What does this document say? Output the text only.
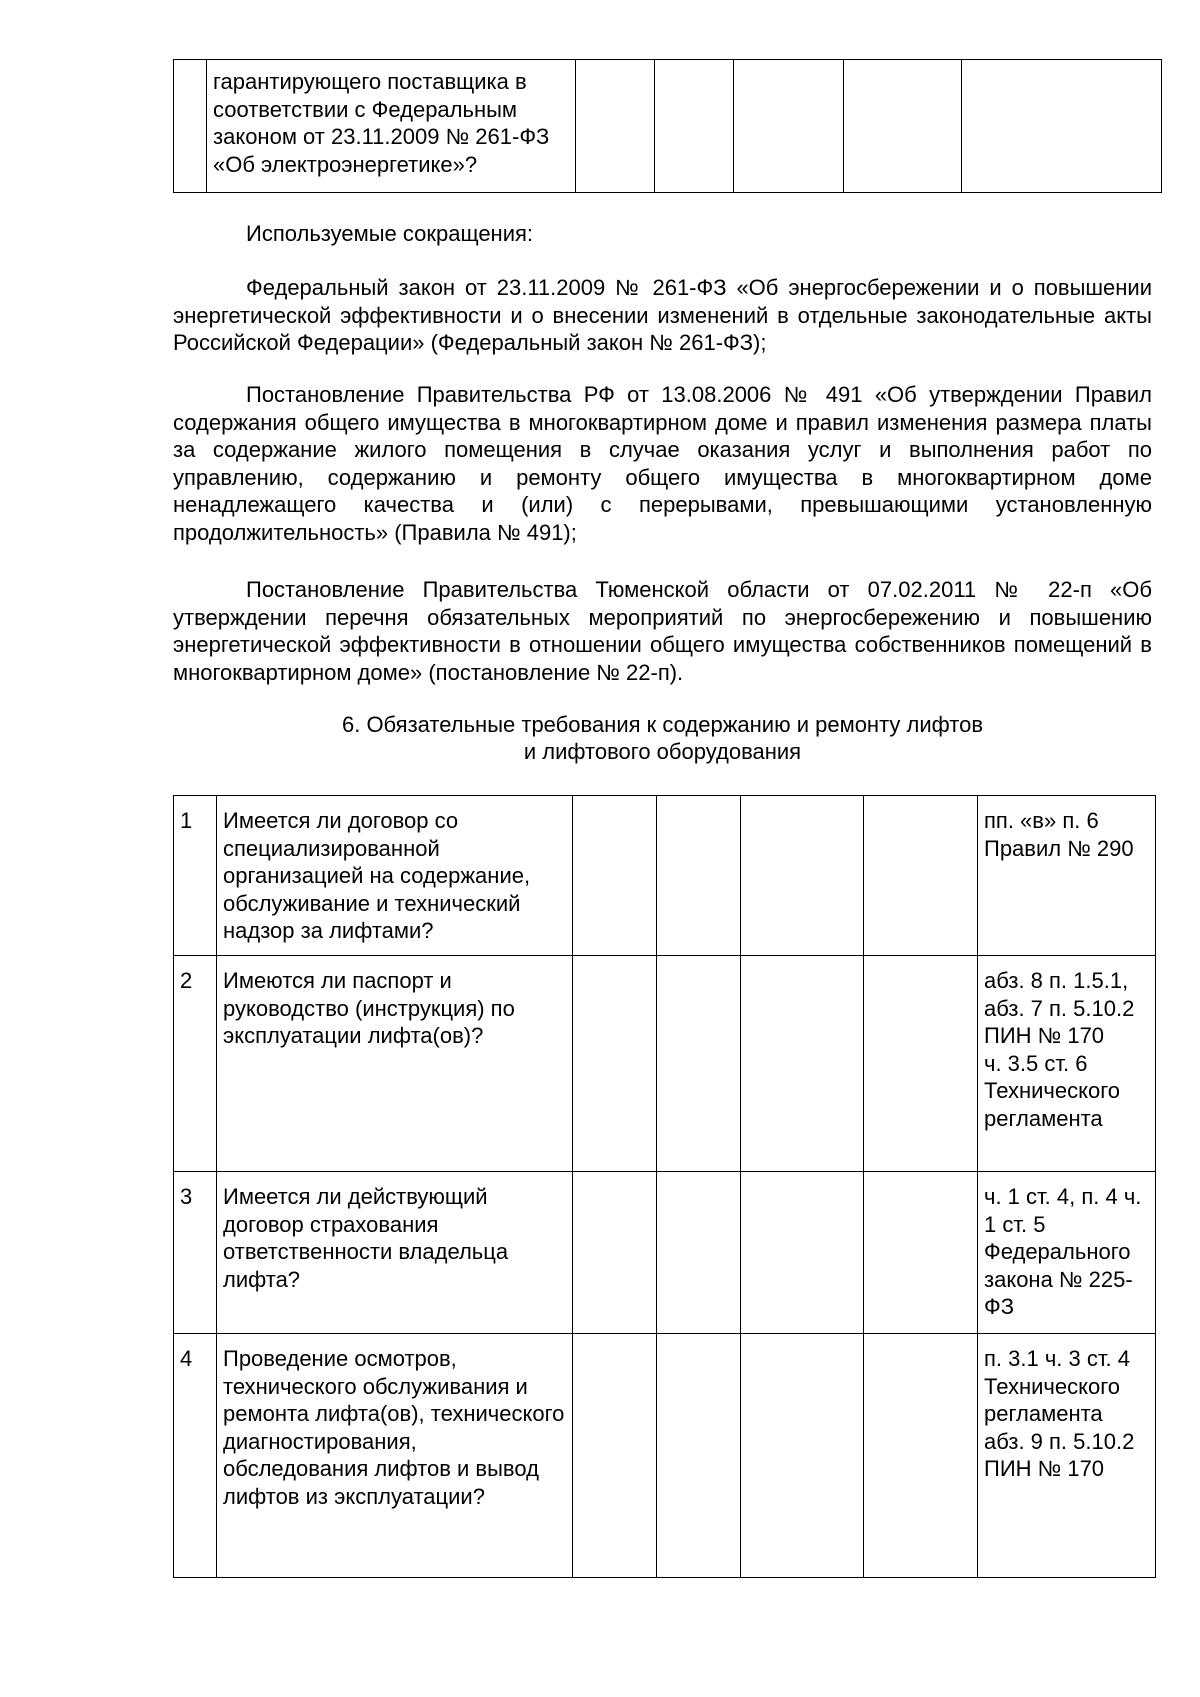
	гарантирующего поставщика в соответствии с Федеральным законом от 23.11.2009 № 261-ФЗ «Об электроэнергетике»?					

Используемые сокращения:

Федеральный закон от 23.11.2009 № 261-ФЗ «Об энергосбережении и о повышении энергетической эффективности и о внесении изменений в отдельные законодательные акты Российской Федерации» (Федеральный закон № 261-ФЗ);

Постановление Правительства РФ от 13.08.2006 № 491 «Об утверждении Правил содержания общего имущества в многоквартирном доме и правил изменения размера платы за содержание жилого помещения в случае оказания услуг и выполнения работ по управлению, содержанию и ремонту общего имущества в многоквартирном доме ненадлежащего качества и (или) с перерывами, превышающими установленную продолжительность» (Правила № 491);

Постановление Правительства Тюменской области от 07.02.2011 № 22-п «Об утверждении перечня обязательных мероприятий по энергосбережению и повышению энергетической эффективности в отношении общего имущества собственников помещений в многоквартирном доме» (постановление № 22-п).

6. Обязательные требования к содержанию и ремонту лифтов

и лифтового оборудования

1	Имеется ли договор со специализированной организацией на содержание, обслуживание и технический надзор за лифтами?					пп. «в» п. 6 Правил № 290
2	Имеются ли паспорт и руководство (инструкция) по эксплуатации лифта(ов)?					абз. 8 п. 1.5.1, абз. 7 п. 5.10.2 ПИН № 170
ч. 3.5 ст. 6 Технического регламента
3	Имеется ли действующий договор страхования ответственности владельца лифта?					ч. 1 ст. 4, п. 4 ч. 1 ст. 5 Федерального закона № 225-ФЗ
4	Проведение осмотров, технического обслуживания и ремонта лифта(ов), технического диагностирования, обследования лифтов и вывод лифтов из эксплуатации?					п. 3.1 ч. 3 ст. 4 Технического регламента абз. 9 п. 5.10.2 ПИН № 170
